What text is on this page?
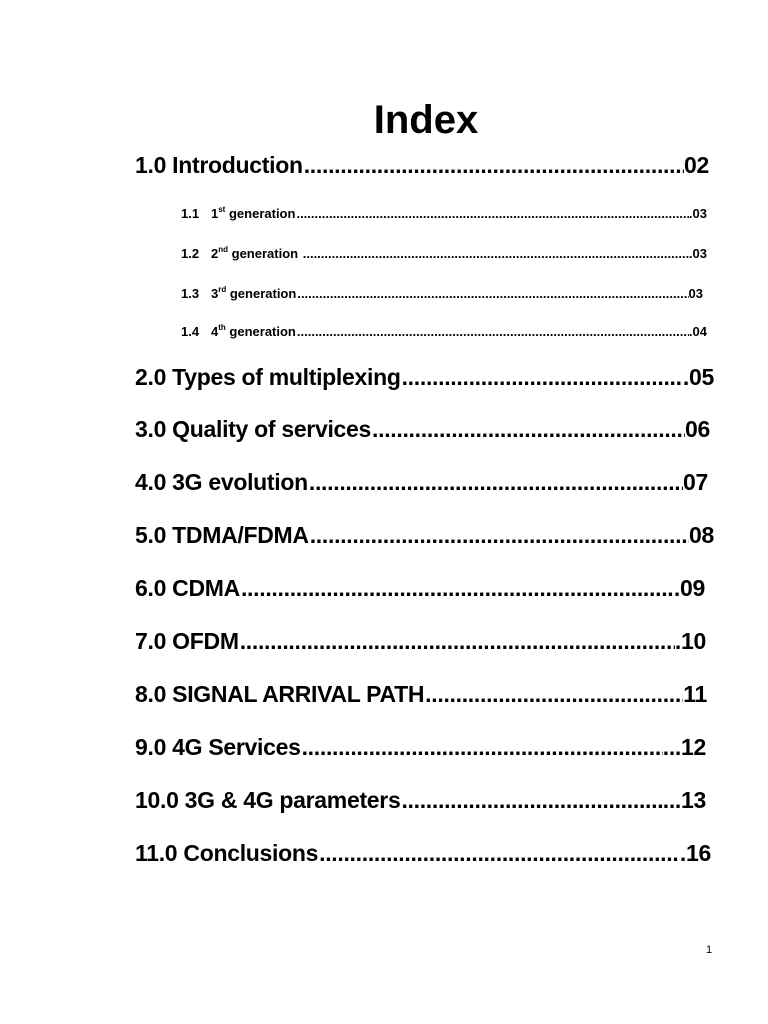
Index
1.0 Introduction .....	02
1.1 1st generation .....	.03
1.2 2nd generation .....	.03
1.3 3rd generation .....	03
1.4 4th generation .....	.04
2.0 Types of multiplexing .....	.05
3.0 Quality of services .....	06
4.0 3G evolution .....	07
5.0 TDMA/FDMA .....	08
6.0 CDMA .....	.09
7.0 OFDM .....	.10
8.0 SIGNAL ARRIVAL PATH .....	11
9.0 4G Services .....	...12
10.0 3G & 4G parameters .....	...13
11.0 Conclusions .....	.16
1
